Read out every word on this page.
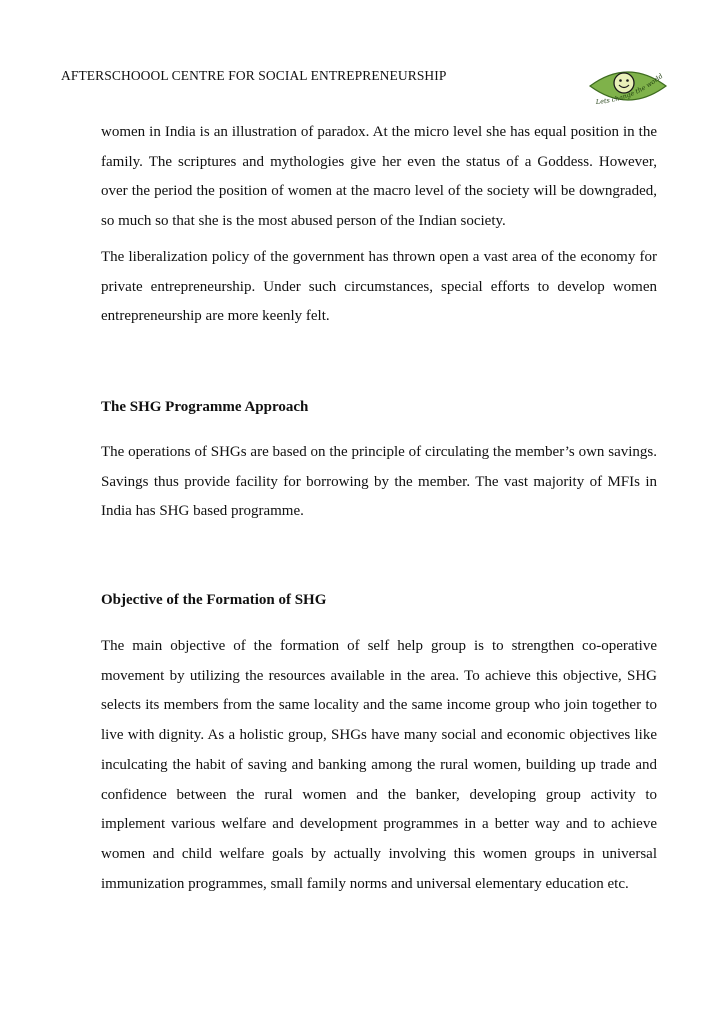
AFTERSCHOOOL CENTRE FOR SOCIAL ENTREPRENEURSHIP
Lets change the world

women in India is an illustration of paradox. At the micro level she has equal position in the family. The scriptures and mythologies give her even the status of a Goddess. However, over the period the position of women at the macro level of the society will be downgraded, so much so that she is the most abused person of the Indian society.

The liberalization policy of the government has thrown open a vast area of the economy for private entrepreneurship. Under such circumstances, special efforts to develop women entrepreneurship are more keenly felt.

The SHG Programme Approach

The operations of SHGs are based on the principle of circulating the member’s own savings. Savings thus provide facility for borrowing by the member. The vast majority of MFIs in India has SHG based programme.

Objective of the Formation of SHG

The main objective of the formation of self help group is to strengthen co-operative movement by utilizing the resources available in the area. To achieve this objective, SHG selects its members from the same locality and the same income group who join together to live with dignity. As a holistic group, SHGs have many social and economic objectives like inculcating the habit of saving and banking among the rural women, building up trade and confidence between the rural women and the banker, developing group activity to implement various welfare and development programmes in a better way and to achieve women and child welfare goals by actually involving this women groups in universal immunization programmes, small family norms and universal elementary education etc.
